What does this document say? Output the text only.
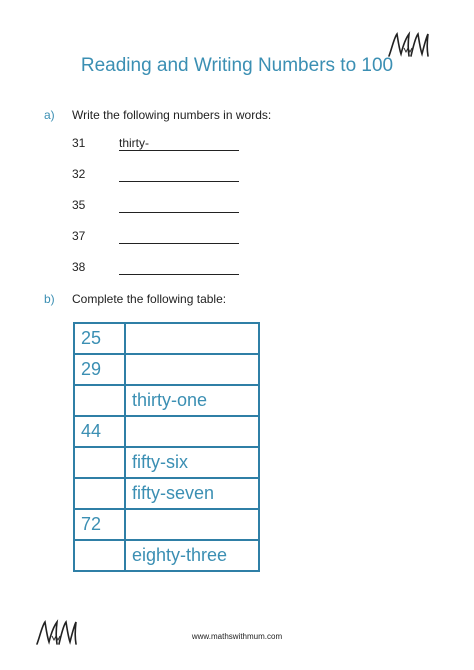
Reading and Writing Numbers to 100
a) Write the following numbers in words:
31	thirty-
32
35
37
38
b) Complete the following table:
25	
29	
	thirty-one
44	
	fifty-six
	fifty-seven
72	
	eighty-three
www.mathswithmum.com
